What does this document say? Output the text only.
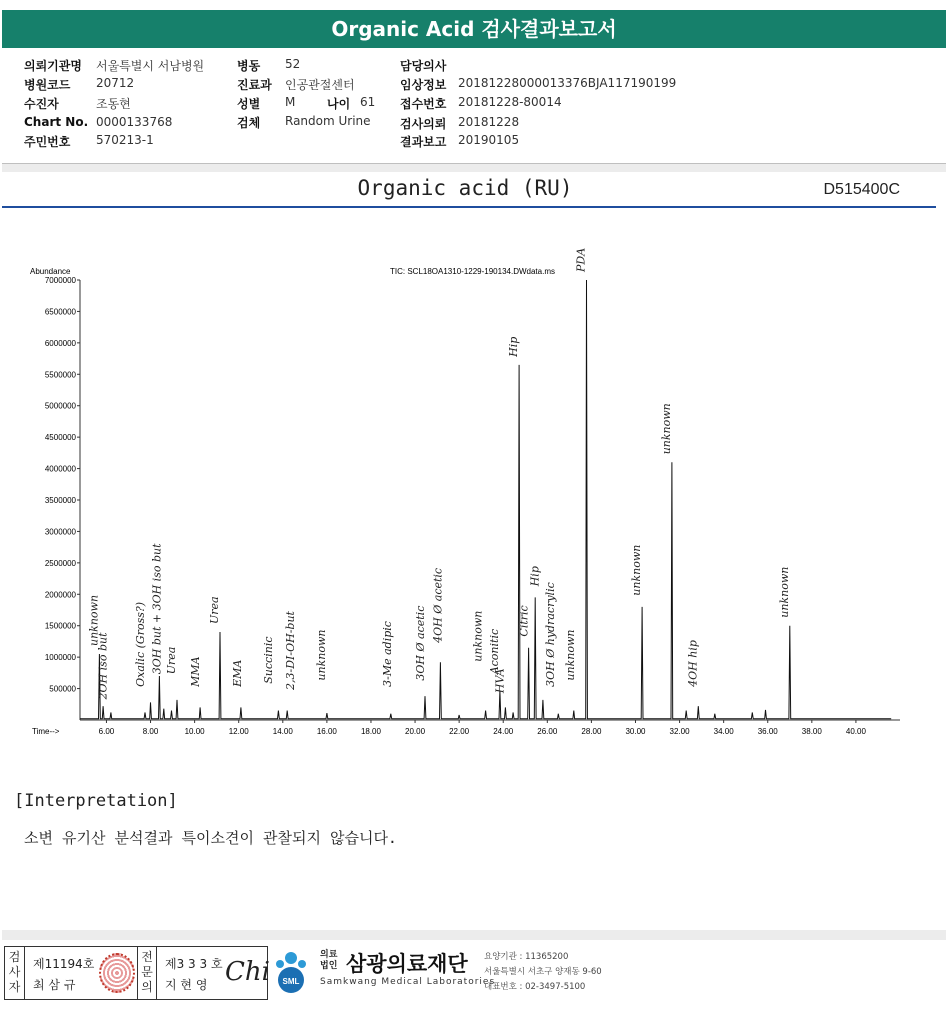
Organic Acid 검사결과보고서
의뢰기관명 서울특별시 서남병원
병원코드 20712
수진자	조동현
Chart No. 0000133768
주민번호 570213-1
병동 52
진료과 인공관절센터
성별 M	나이 61
검체 Random Urine
담당의사
임상정보 20181228000013376BJA117190199
접수번호 20181228-80014
검사의뢰 20181228
결과보고 20190105
Organic acid (RU)	D515400C
TIC: SCL18OA1310-1229-190134.DWdata.ms
Abundance
Time-->
500000
1000000
1500000
2000000
2500000
3000000
3500000
4000000
4500000
5000000
5500000
6000000
6500000
7000000
6.00	8.00	10.00	12.00	14.00	16.00	18.00	20.00	22.00	24.00	26.00	28.00	30.00	32.00	34.00	36.00	38.00	40.00
unknown
2OH iso but Oxalic (Gross?) 3OH but + 3OH iso but Urea MMA
Urea
EMA Succinic 2,3-DI-OH-but unknown	3-Me adipic 3OH Ø acetic
4OH Ø acetic unknown Aconitic
HVA
Hip
Citric
Hip
3OH Ø hydracrylic unknown
PDA
unknown
unknown
4OH hip
unknown
[Interpretation]
소변 유기산 분석결과 특이소견이 관찰되지 않습니다.
검사자
제11194호
최 삼 규
전문의
제3 3 3 호
지 현 영 Chi SML
의료법인 삼광의료재단
Samkwang Medical Laboratories
요양기관 : 11365200
서울특별시 서초구 양재동 9-60
대표번호 : 02-3497-5100
